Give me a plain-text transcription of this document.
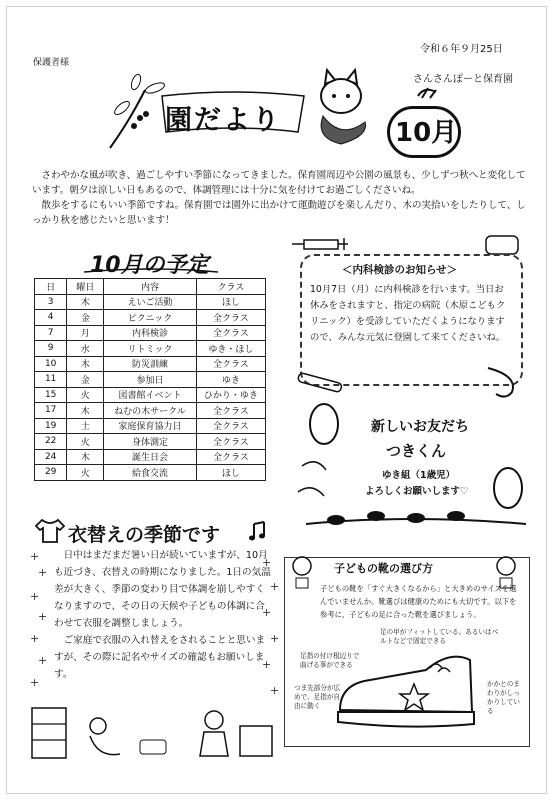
令和６年９月25日
保護者様
さんさんぽーと保育園
園だより	10月

さわやかな風が吹き、過ごしやすい季節になってきました。保育園周辺や公園の風景も、少しずつ秋へと変化しています。朝夕は涼しい日もあるので、体調管理には十分に気を付けてお過ごしくださいね。

散歩をするにもいい季節ですね。保育園では園外に出かけて運動遊びを楽しんだり、木の実拾いをしたりして、しっかり秋を感じたいと思います！

10月の予定
日	曜日	内容	クラス
3	木	えいご活動	ほし
4	金	ピクニック	全クラス
7	月	内科検診	全クラス
9	水	リトミック	ゆき・ほし
10	木	防災訓練	全クラス
11	金	参加日	ゆき
15	火	図書館イベント	ひかり・ゆき
17	木	ねむの木サークル	全クラス
19	土	家庭保育協力日	全クラス
22	火	身体測定	全クラス
24	木	誕生日会	全クラス
29	火	給食交流	ほし
＜内科検診のお知らせ＞
10月7日（月）に内科検診を行います。当日お休みをされますと、指定の病院（木原こどもクリニック）を受診していただくようになりますので、みんな元気に登園して来てくださいね。
新しいお友だち
つきくん
ゆき組（1歳児）
よろしくお願いします♡
衣替えの季節です

日中はまだまだ暑い日が続いていますが、10月も近づき、衣替えの時期になりました。1日の気温差が大きく、季節の変わり目で体調を崩しやすくなりますので、その日の天候や子どもの体調に合わせて衣服を調整しましょう。

ご家庭で衣服の入れ替えをされることと思いますが、その際に記名やサイズの確認もお願いします。

+
+
+
+
+
+
+
+
+
+
+
+
+
子どもの靴の選び方
子どもの靴を「すぐ大きくなるから」と大きめのサイズを選んでいませんか。靴選びは健康のためにも大切です。以下を参考に、子どもの足に合った靴を選びましょう。
足の甲がフィットしている。あるいはベルトなどで固定できる
足指の付け根辺りで曲げる事ができる
つま先部分が広めで、足指が自由に動く
かかとのまわりがしっかりしている
